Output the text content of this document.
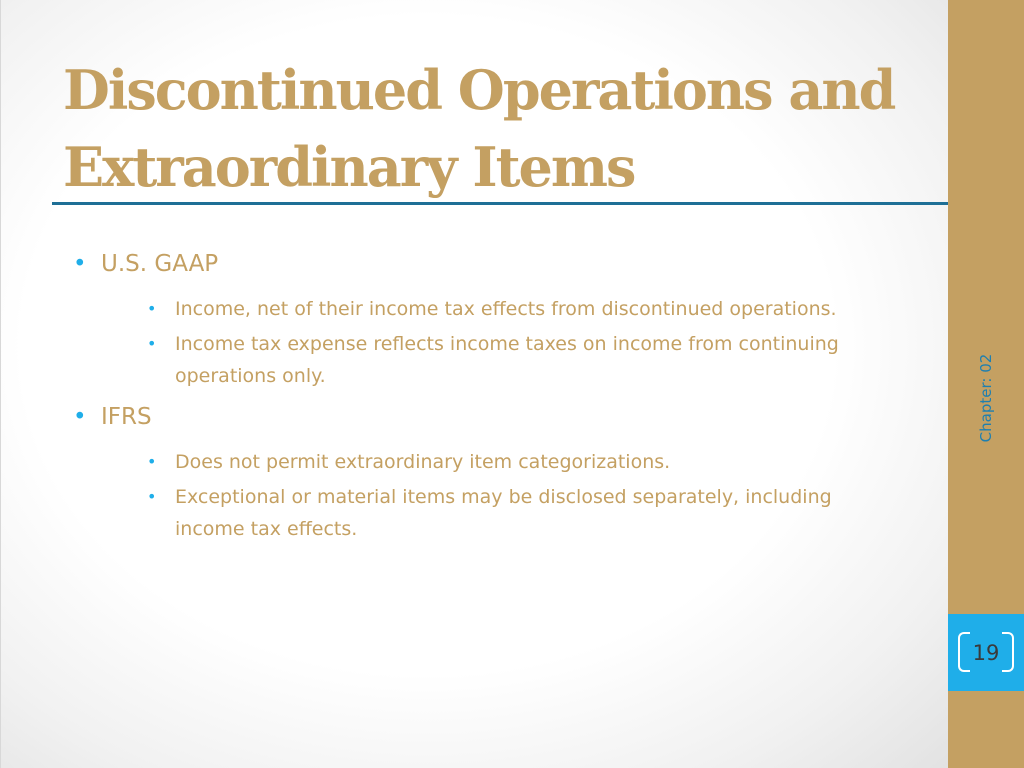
Discontinued Operations and
Extraordinary Items
• U.S. GAAP
• Income, net of their income tax effects from discontinued operations.
• Income tax expense reflects income taxes on income from continuing operations only.
• IFRS
• Does not permit extraordinary item categorizations.
• Exceptional or material items may be disclosed separately, including income tax effects.
Chapter: 02
19
